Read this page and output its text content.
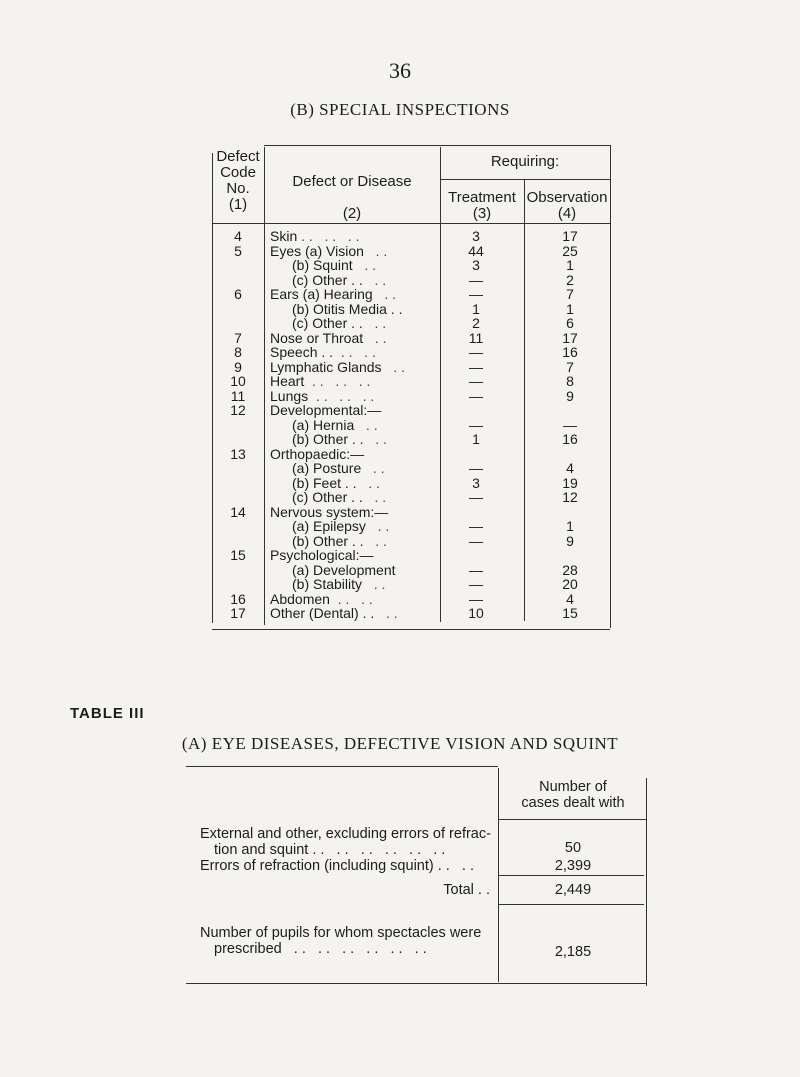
36
(B) SPECIAL INSPECTIONS
Defect
Code
No.
(1)
Defect or Disease
(2)
Requiring:
Treatment
(3)
Observation
(4)
4	Skin . .   . .   . .	3	17
5	Eyes (a) Vision   . .	44	25
(b) Squint   . .	3	1
(c) Other . .   . .	—	2
6	Ears (a) Hearing   . .	—	7
(b) Otitis Media . .	1	1
(c) Other . .   . .	2	6
7	Nose or Throat   . .	11	17
8	Speech . .  . .   . .	—	16
9	Lymphatic Glands   . .	—	7
10	Heart  . .   . .   . .	—	8
11	Lungs  . .   . .   . .	—	9
12	Developmental:—
(a) Hernia   . .	—	—
(b) Other . .   . .	1	16
13	Orthopaedic:—
(a) Posture   . .	—	4
(b) Feet . .   . .	3	19
(c) Other . .   . .	—	12
14	Nervous system:—
(a) Epilepsy   . .	—	1
(b) Other . .   . .	—	9
15	Psychological:—
(a) Development	—	28
(b) Stability   . .	—	20
16	Abdomen  . .   . .	—	4
17	Other (Dental) . .   . .	10	15
TABLE III
(A) EYE DISEASES, DEFECTIVE VISION AND SQUINT
Number of
cases dealt with
External and other, excluding errors of refrac-
tion and squint . .   . .   . .   . .   . .   . .	50
Errors of refraction (including squint) . .   . .	2,399
Total . .	2,449
Number of pupils for whom spectacles were
prescribed   . .   . .   . .   . .   . .   . .	2,185
